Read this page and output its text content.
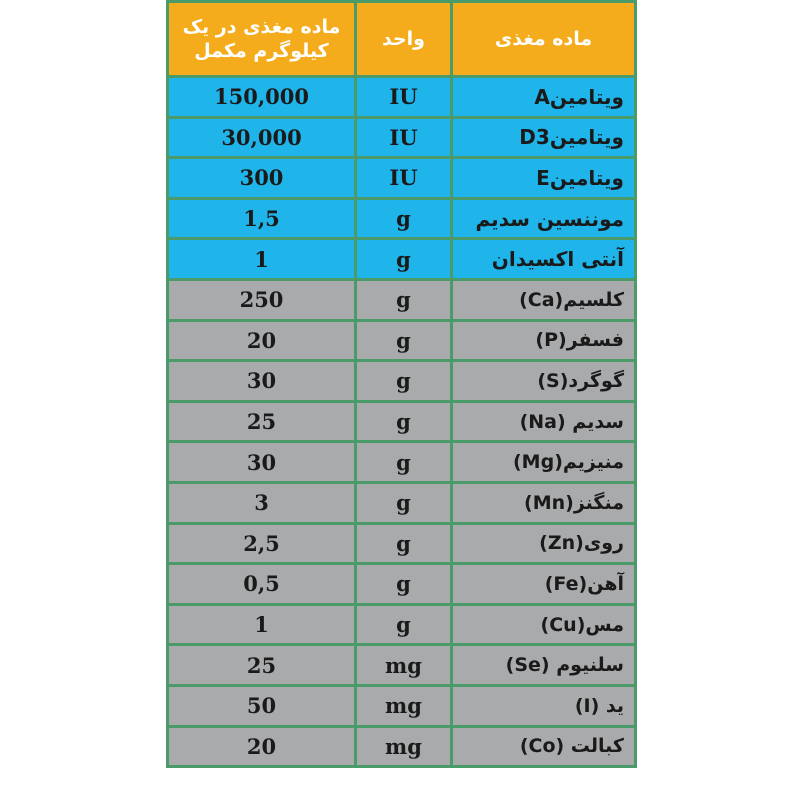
ماده مغذی	واحد	ماده مغذی در یک کیلوگرم مکمل
ویتامینA	IU	150,000
ویتامینD3	IU	30,000
ویتامینE	IU	300
موننسین سدیم	g	1,5
آنتی اکسیدان	g	1
کلسیم(Ca)	g	250
فسفر(P)	g	20
گوگرد(S)	g	30
سدیم (Na)	g	25
منیزیم(Mg)	g	30
منگنز(Mn)	g	3
روی(Zn)	g	2,5
آهن(Fe)	g	0,5
مس(Cu)	g	1
سلنیوم (Se)	mg	25
ید (I)	mg	50
کبالت (Co)	mg	20
